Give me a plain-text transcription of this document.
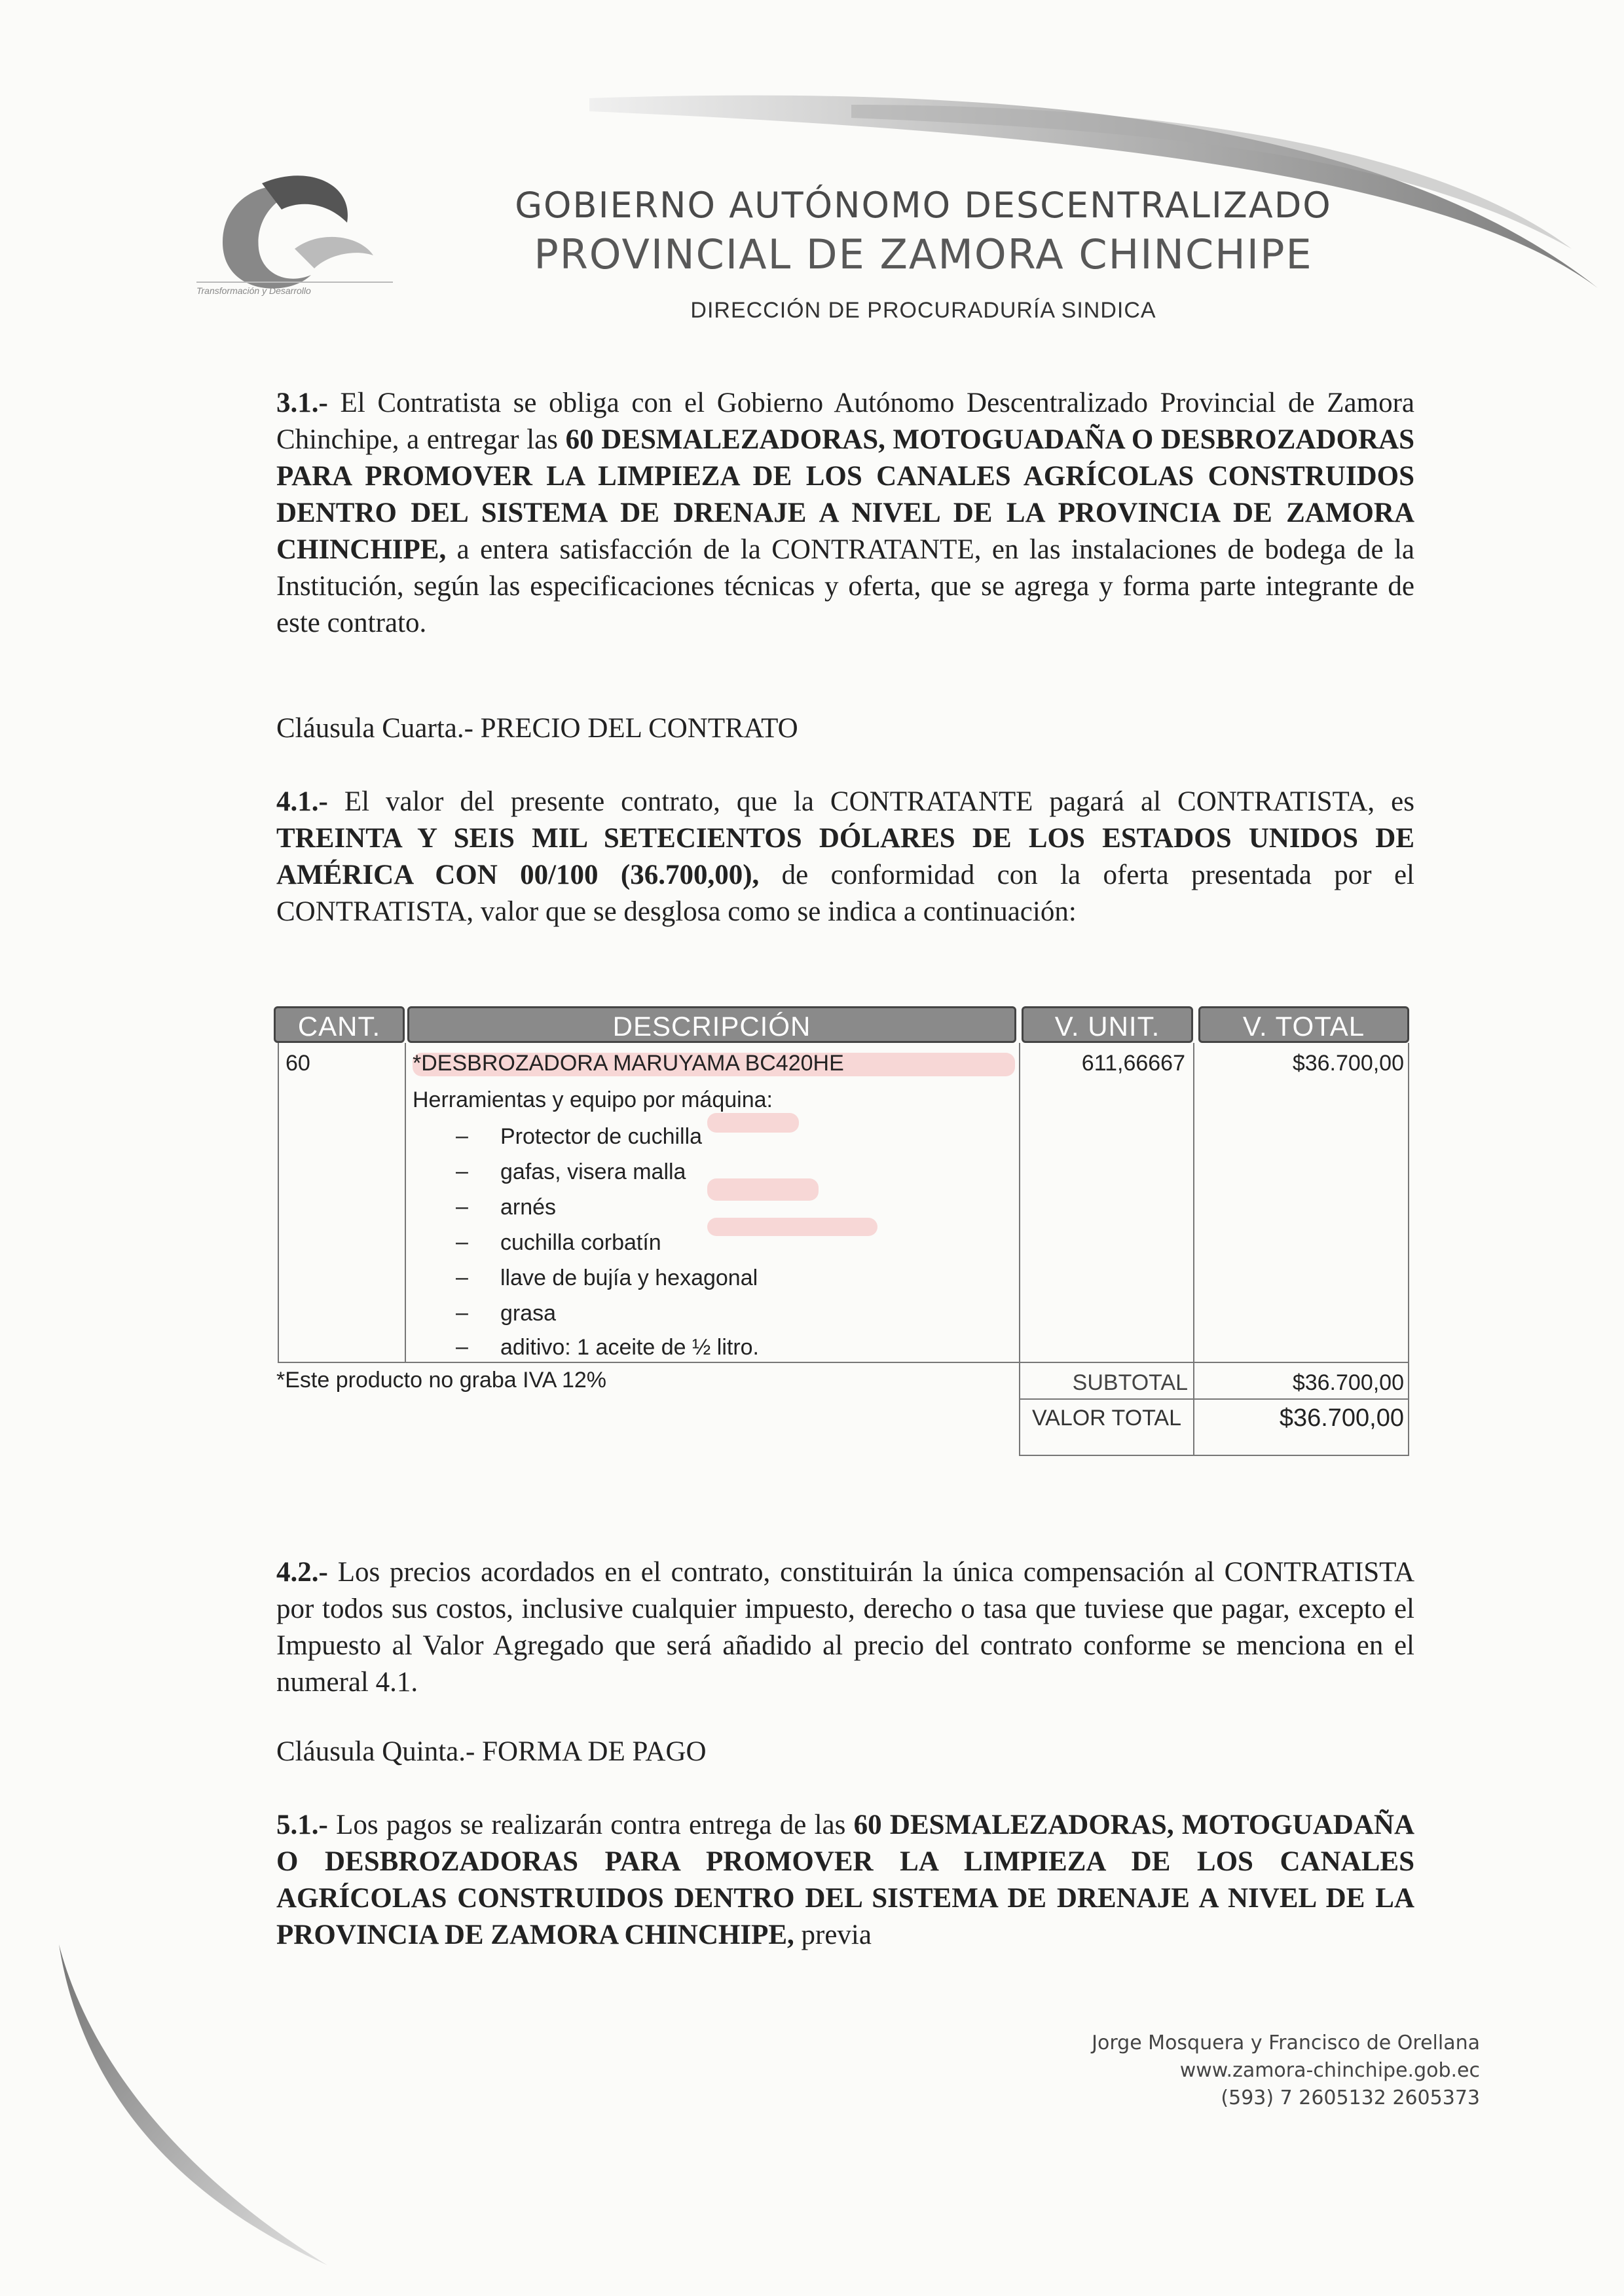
Transformación y Desarrollo
GOBIERNO AUTÓNOMO DESCENTRALIZADO
PROVINCIAL DE ZAMORA CHINCHIPE
DIRECCIÓN DE PROCURADURÍA SINDICA
3.1.- El Contratista se obliga con el Gobierno Autónomo Descentralizado Provincial de Zamora Chinchipe, a entregar las 60 DESMALEZADORAS, MOTOGUADAÑA O DESBROZADORAS PARA PROMOVER LA LIMPIEZA DE LOS CANALES AGRÍCOLAS CONSTRUIDOS DENTRO DEL SISTEMA DE DRENAJE A NIVEL DE LA PROVINCIA DE ZAMORA CHINCHIPE, a entera satisfacción de la CONTRATANTE, en las instalaciones de bodega de la Institución, según las especificaciones técnicas y oferta, que se agrega y forma parte integrante de este contrato.
Cláusula Cuarta.- PRECIO DEL CONTRATO
4.1.- El valor del presente contrato, que la CONTRATANTE pagará al CONTRATISTA, es TREINTA Y SEIS MIL SETECIENTOS DÓLARES DE LOS ESTADOS UNIDOS DE AMÉRICA CON 00/100 (36.700,00), de conformidad con la oferta presentada por el CONTRATISTA, valor que se desglosa como se indica a continuación:
CANT.	DESCRIPCIÓN	V. UNIT.	V. TOTAL
60	*DESBROZADORA MARUYAMA BC420HE	611,66667	$36.700,00
Herramientas y equipo por máquina:
– Protector de cuchilla
– gafas, visera malla
– arnés
– cuchilla corbatín
– llave de bujía y hexagonal
– grasa
– aditivo: 1 aceite de ½ litro.
*Este producto no graba IVA 12%	SUBTOTAL	$36.700,00
VALOR TOTAL	$36.700,00
4.2.- Los precios acordados en el contrato, constituirán la única compensación al CONTRATISTA por todos sus costos, inclusive cualquier impuesto, derecho o tasa que tuviese que pagar, excepto el Impuesto al Valor Agregado que será añadido al precio del contrato conforme se menciona en el numeral 4.1.
Cláusula Quinta.- FORMA DE PAGO
5.1.- Los pagos se realizarán contra entrega de las 60 DESMALEZADORAS, MOTOGUADAÑA O DESBROZADORAS PARA PROMOVER LA LIMPIEZA DE LOS CANALES AGRÍCOLAS CONSTRUIDOS DENTRO DEL SISTEMA DE DRENAJE A NIVEL DE LA PROVINCIA DE ZAMORA CHINCHIPE, previa
Jorge Mosquera y Francisco de Orellana
www.zamora-chinchipe.gob.ec
(593) 7 2605132 2605373
